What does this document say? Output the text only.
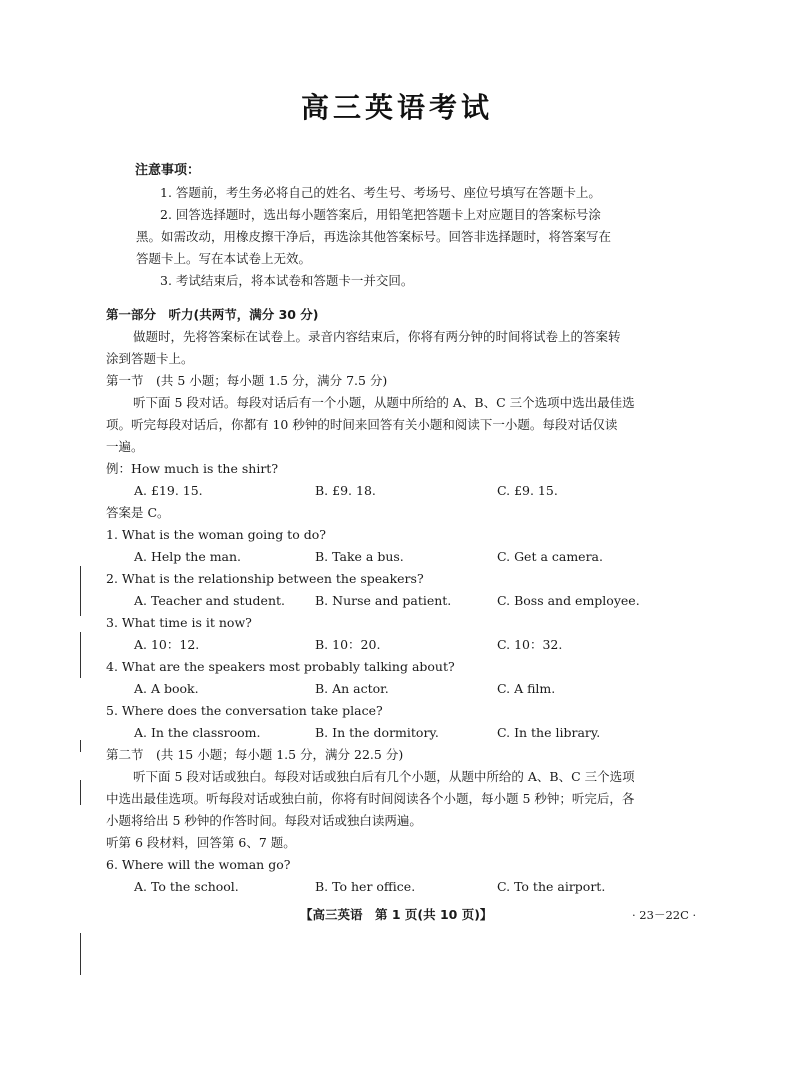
高三英语考试
注意事项：
1. 答题前，考生务必将自己的姓名、考生号、考场号、座位号填写在答题卡上。
2. 回答选择题时，选出每小题答案后，用铅笔把答题卡上对应题目的答案标号涂
黑。如需改动，用橡皮擦干净后，再选涂其他答案标号。回答非选择题时，将答案写在
答题卡上。写在本试卷上无效。
3. 考试结束后，将本试卷和答题卡一并交回。
第一部分　听力(共两节，满分 30 分)
做题时，先将答案标在试卷上。录音内容结束后，你将有两分钟的时间将试卷上的答案转
涂到答题卡上。
第一节　(共 5 小题；每小题 1.5 分，满分 7.5 分)
听下面 5 段对话。每段对话后有一个小题，从题中所给的 A、B、C 三个选项中选出最佳选
项。听完每段对话后，你都有 10 秒钟的时间来回答有关小题和阅读下一小题。每段对话仅读
一遍。
例：How much is the shirt?
A. £19. 15.	B. £9. 18.	C. £9. 15.
答案是 C。
1. What is the woman going to do?
A. Help the man.	B. Take a bus.	C. Get a camera.
2. What is the relationship between the speakers?
A. Teacher and student. B. Nurse and patient.	C. Boss and employee.
3. What time is it now?
A. 10：12.	B. 10：20.	C. 10：32.
4. What are the speakers most probably talking about?
A. A book.	B. An actor.	C. A film.
5. Where does the conversation take place?
A. In the classroom.	B. In the dormitory.	C. In the library.
第二节　(共 15 小题；每小题 1.5 分，满分 22.5 分)
听下面 5 段对话或独白。每段对话或独白后有几个小题，从题中所给的 A、B、C 三个选项
中选出最佳选项。听每段对话或独白前，你将有时间阅读各个小题，每小题 5 秒钟；听完后，各
小题将给出 5 秒钟的作答时间。每段对话或独白读两遍。
听第 6 段材料，回答第 6、7 题。
6. Where will the woman go?
A. To the school.	B. To her office.	C. To the airport.
【高三英语　第 1 页(共 10 页)】	· 23－22C ·
